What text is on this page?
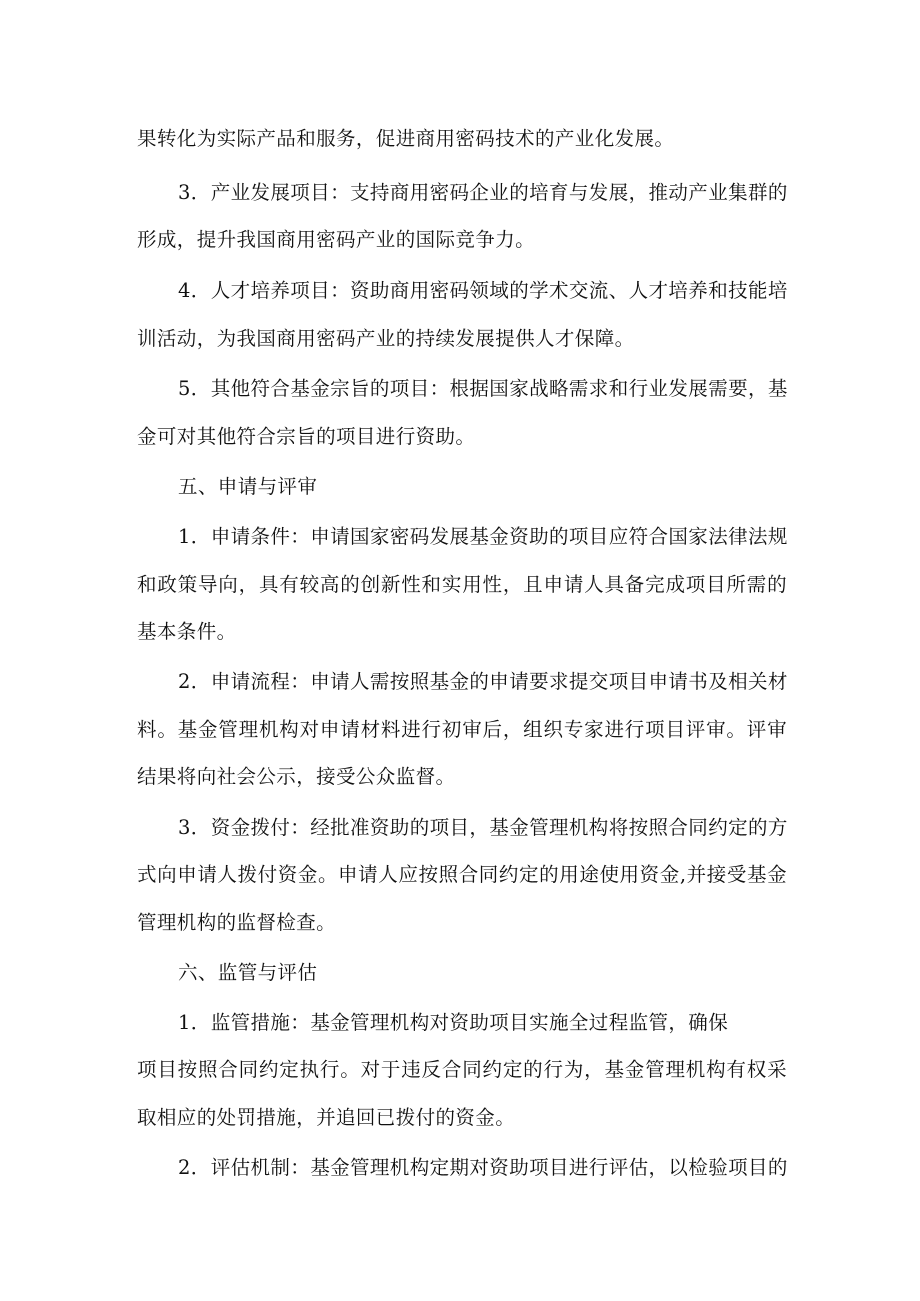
果转化为实际产品和服务，促进商用密码技术的产业化发展。
3．产业发展项目：支持商用密码企业的培育与发展，推动产业集群的
形成，提升我国商用密码产业的国际竞争力。
4．人才培养项目：资助商用密码领域的学术交流、人才培养和技能培
训活动，为我国商用密码产业的持续发展提供人才保障。
5．其他符合基金宗旨的项目：根据国家战略需求和行业发展需要，基
金可对其他符合宗旨的项目进行资助。
五、申请与评审
1．申请条件：申请国家密码发展基金资助的项目应符合国家法律法规
和政策导向，具有较高的创新性和实用性，且申请人具备完成项目所需的
基本条件。
2．申请流程：申请人需按照基金的申请要求提交项目申请书及相关材
料。基金管理机构对申请材料进行初审后，组织专家进行项目评审。评审
结果将向社会公示，接受公众监督。
3．资金拨付：经批准资助的项目，基金管理机构将按照合同约定的方
式向申请人拨付资金。申请人应按照合同约定的用途使用资金,并接受基金
管理机构的监督检查。
六、监管与评估
1．监管措施：基金管理机构对资助项目实施全过程监管，确保
项目按照合同约定执行。对于违反合同约定的行为，基金管理机构有权采
取相应的处罚措施，并追回已拨付的资金。
2．评估机制：基金管理机构定期对资助项目进行评估，以检验项目的
